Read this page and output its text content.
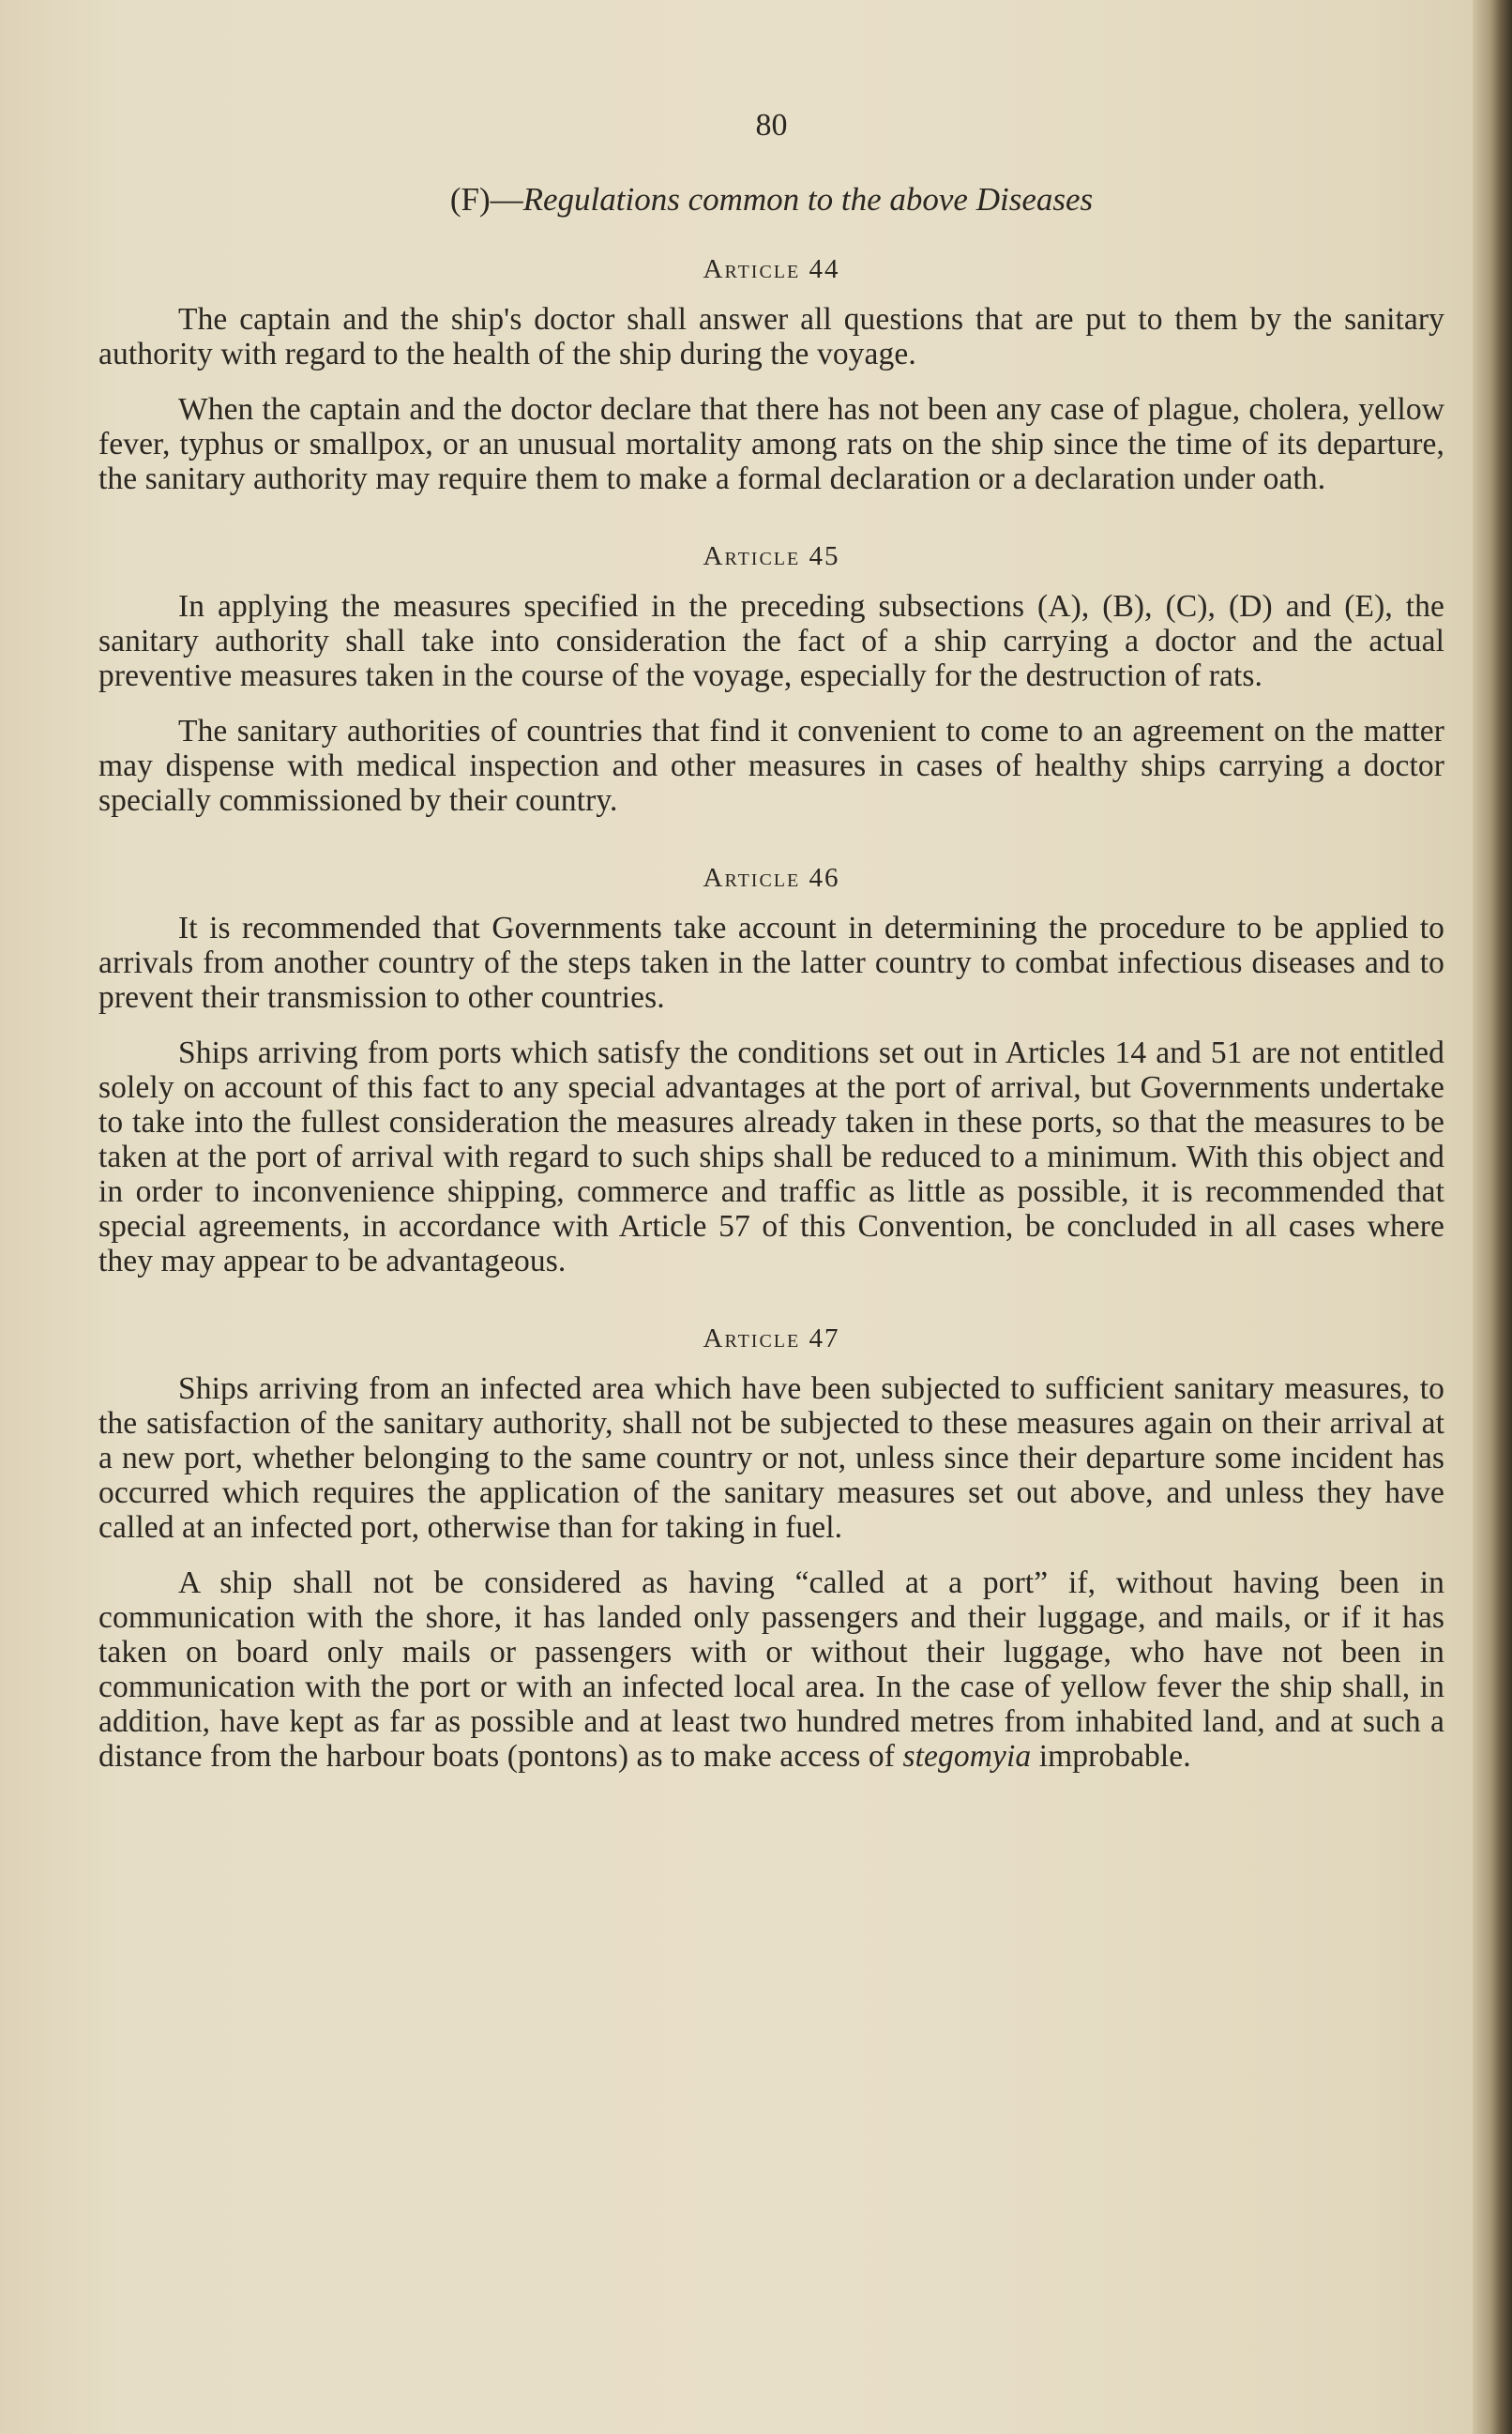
80
(F)—Regulations common to the above Diseases
Article 44

The captain and the ship's doctor shall answer all questions that are put to them by the sanitary authority with regard to the health of the ship during the voyage.

When the captain and the doctor declare that there has not been any case of plague, cholera, yellow fever, typhus or smallpox, or an unusual mortality among rats on the ship since the time of its departure, the sanitary authority may require them to make a formal declaration or a declaration under oath.

Article 45

In applying the measures specified in the preceding subsections (A), (B), (C), (D) and (E), the sanitary authority shall take into consideration the fact of a ship carrying a doctor and the actual preventive measures taken in the course of the voyage, especially for the destruction of rats.

The sanitary authorities of countries that find it convenient to come to an agreement on the matter may dispense with medical inspection and other measures in cases of healthy ships carrying a doctor specially commissioned by their country.

Article 46

It is recommended that Governments take account in determining the procedure to be applied to arrivals from another country of the steps taken in the latter country to combat infectious diseases and to prevent their transmission to other countries.

Ships arriving from ports which satisfy the conditions set out in Articles 14 and 51 are not entitled solely on account of this fact to any special advantages at the port of arrival, but Governments undertake to take into the fullest consideration the measures already taken in these ports, so that the measures to be taken at the port of arrival with regard to such ships shall be reduced to a minimum. With this object and in order to inconvenience shipping, commerce and traffic as little as possible, it is recommended that special agreements, in accordance with Article 57 of this Convention, be concluded in all cases where they may appear to be advantageous.

Article 47

Ships arriving from an infected area which have been subjected to sufficient sanitary measures, to the satisfaction of the sanitary authority, shall not be subjected to these measures again on their arrival at a new port, whether belonging to the same country or not, unless since their departure some incident has occurred which requires the application of the sanitary measures set out above, and unless they have called at an infected port, otherwise than for taking in fuel.

A ship shall not be considered as having “called at a port” if, without having been in communication with the shore, it has landed only passengers and their luggage, and mails, or if it has taken on board only mails or passengers with or without their luggage, who have not been in communication with the port or with an infected local area. In the case of yellow fever the ship shall, in addition, have kept as far as possible and at least two hundred metres from inhabited land, and at such a distance from the harbour boats (pontons) as to make access of stegomyia improbable.
